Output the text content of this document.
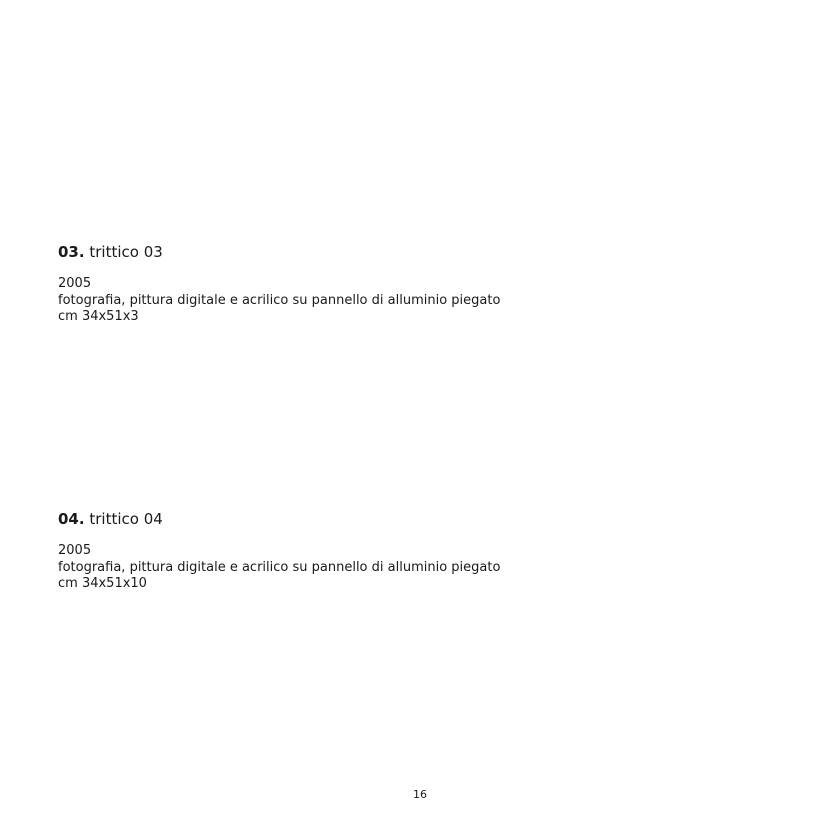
03. trittico 03

2005

fotografia, pittura digitale e acrilico su pannello di alluminio piegato

cm 34x51x3

04. trittico 04

2005

fotografia, pittura digitale e acrilico su pannello di alluminio piegato

cm 34x51x10

16
